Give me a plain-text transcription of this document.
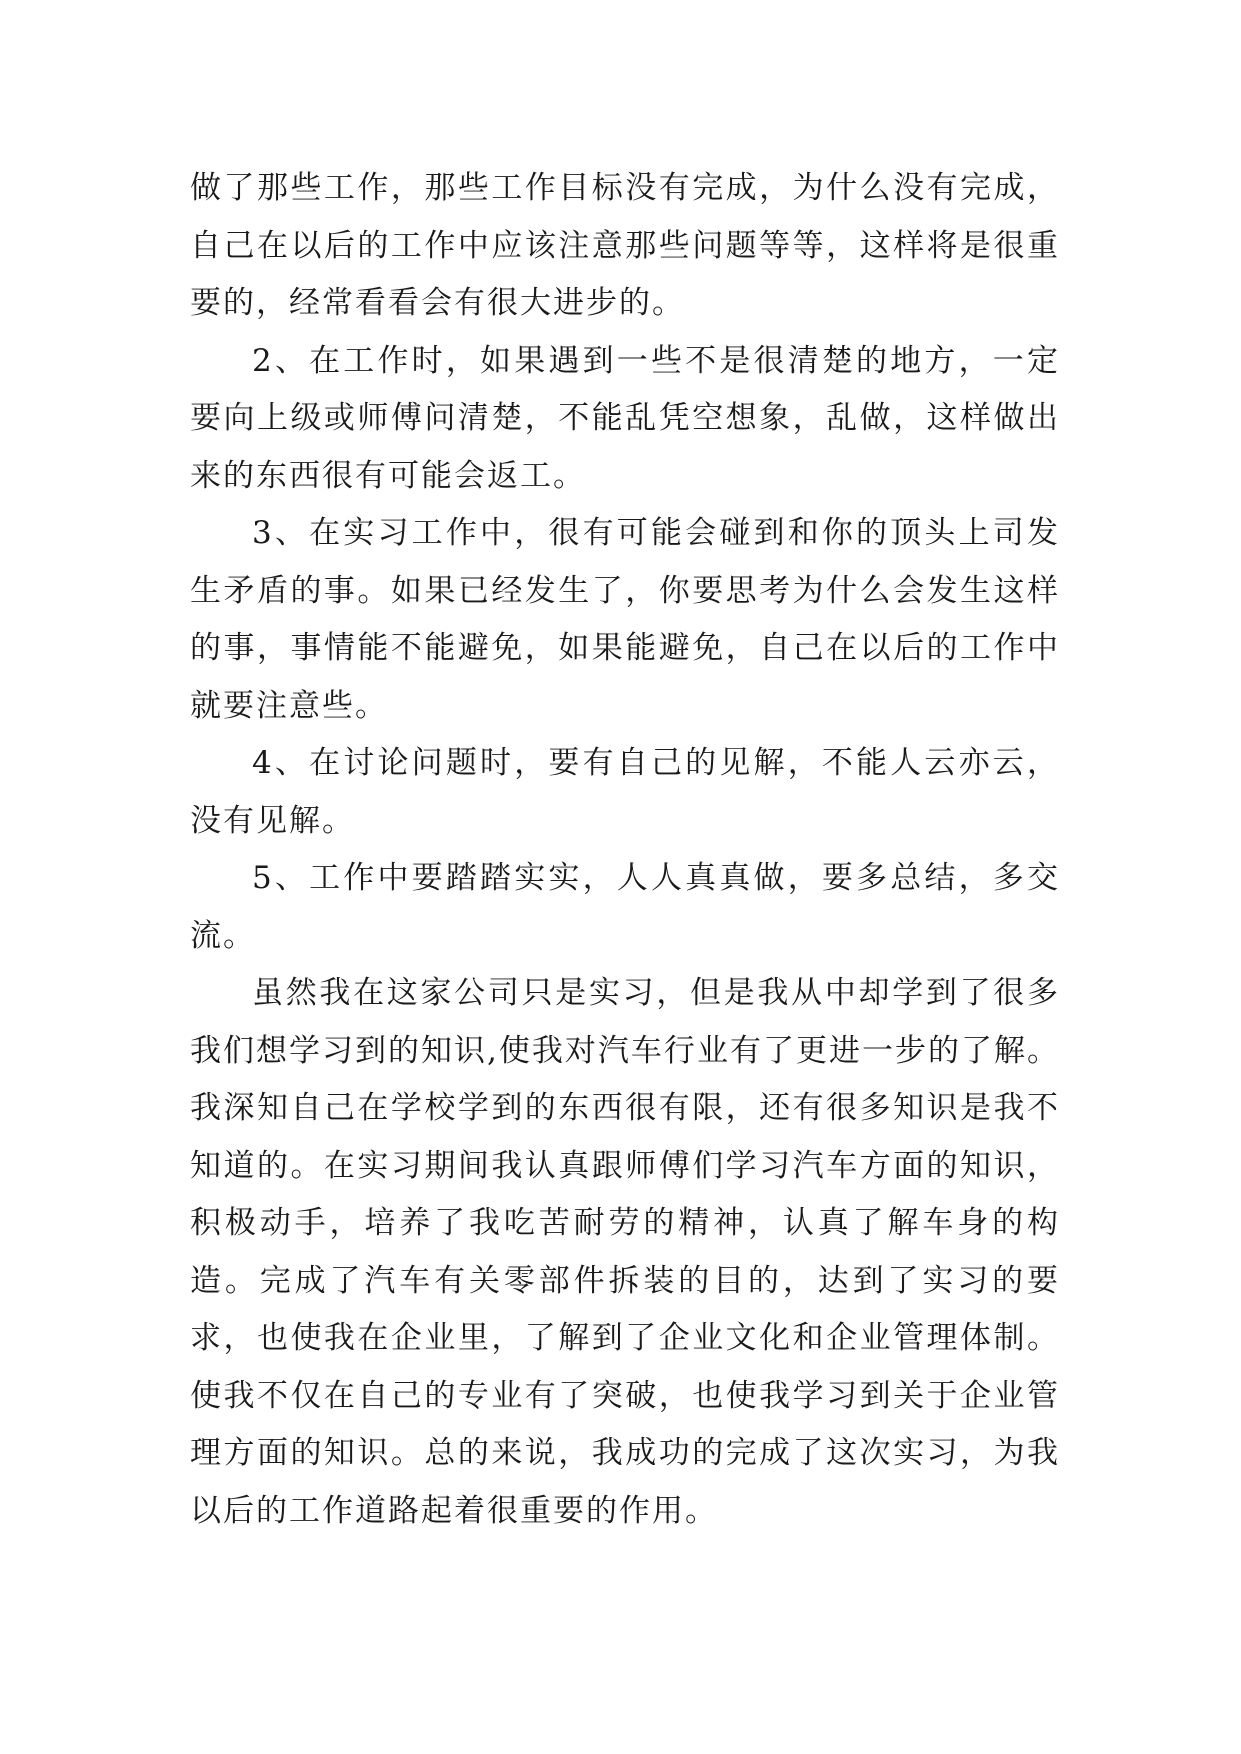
做了那些工作，那些工作目标没有完成，为什么没有完成，自己在以后的工作中应该注意那些问题等等，这样将是很重要的，经常看看会有很大进步的。

2、在工作时，如果遇到一些不是很清楚的地方，一定要向上级或师傅问清楚，不能乱凭空想象，乱做，这样做出来的东西很有可能会返工。

3、在实习工作中，很有可能会碰到和你的顶头上司发生矛盾的事。如果已经发生了，你要思考为什么会发生这样的事，事情能不能避免，如果能避免，自己在以后的工作中就要注意些。

4、在讨论问题时，要有自己的见解，不能人云亦云，没有见解。

5、工作中要踏踏实实，人人真真做，要多总结，多交流。

虽然我在这家公司只是实习，但是我从中却学到了很多我们想学习到的知识,使我对汽车行业有了更进一步的了解。我深知自己在学校学到的东西很有限，还有很多知识是我不知道的。在实习期间我认真跟师傅们学习汽车方面的知识，积极动手，培养了我吃苦耐劳的精神，认真了解车身的构造。完成了汽车有关零部件拆装的目的，达到了实习的要求，也使我在企业里，了解到了企业文化和企业管理体制。使我不仅在自己的专业有了突破，也使我学习到关于企业管理方面的知识。总的来说，我成功的完成了这次实习，为我以后的工作道路起着很重要的作用。
